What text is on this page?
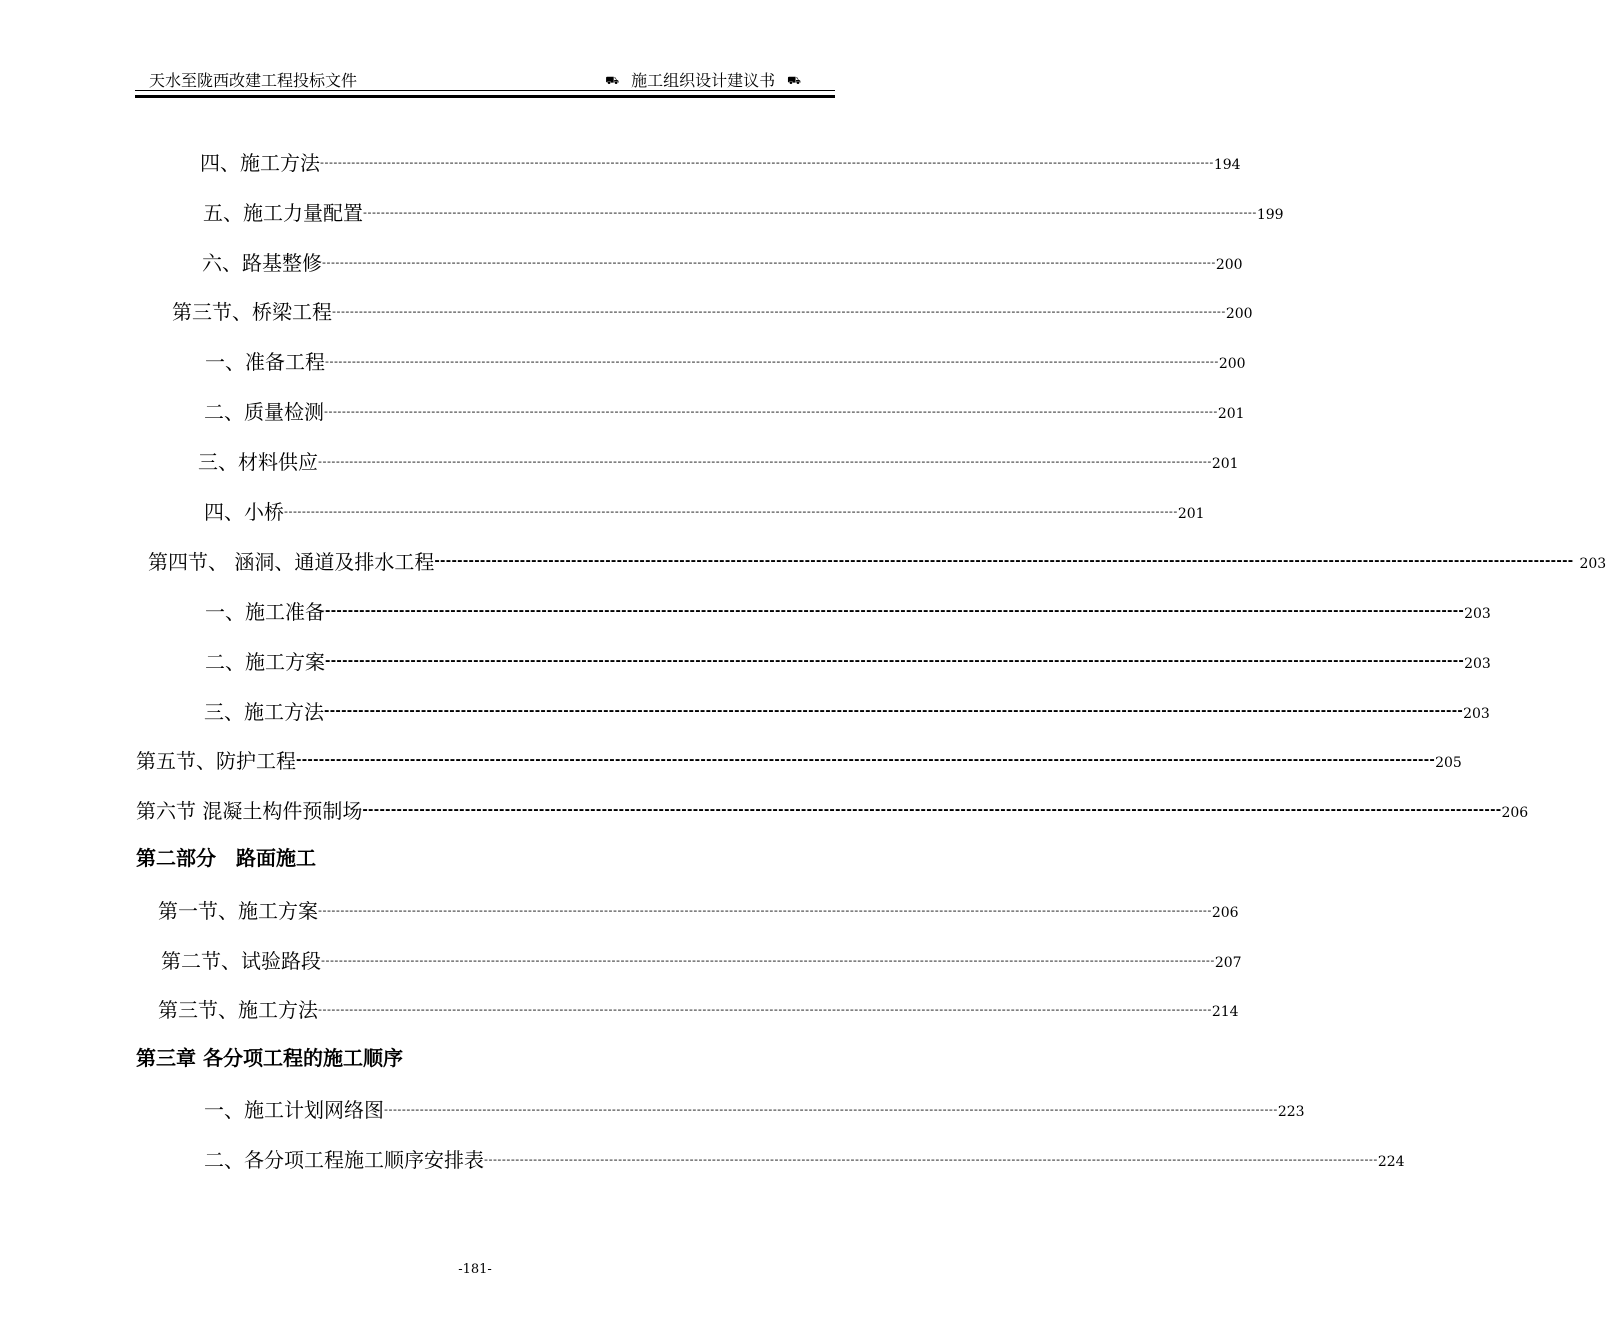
天水至陇西改建工程投标文件	⛟ 施工组织设计建议书 ⛟
四、施工方法 -------------------------------------------------------------------------------------------------------------------------------------------------------------------------------------------------------- 194
五、施工力量配置 -------------------------------------------------------------------------------------------------------------------------------------------------------------------------------------------------------- 199
六、路基整修 -------------------------------------------------------------------------------------------------------------------------------------------------------------------------------------------------------- 200
第三节、桥梁工程 -------------------------------------------------------------------------------------------------------------------------------------------------------------------------------------------------------- 200
一、准备工程 -------------------------------------------------------------------------------------------------------------------------------------------------------------------------------------------------------- 200
二、质量检测 -------------------------------------------------------------------------------------------------------------------------------------------------------------------------------------------------------- 201
三、材料供应 -------------------------------------------------------------------------------------------------------------------------------------------------------------------------------------------------------- 201
四、小桥 -------------------------------------------------------------------------------------------------------------------------------------------------------------------------------------------------------- 201
第四节、 涵洞、通道及排水工程 -------------------------------------------------------------------------------------------------------------------------------------------------------------------------------------------------------- 203
一、施工准备 -------------------------------------------------------------------------------------------------------------------------------------------------------------------------------------------------------- 203
二、施工方案 -------------------------------------------------------------------------------------------------------------------------------------------------------------------------------------------------------- 203
三、施工方法 -------------------------------------------------------------------------------------------------------------------------------------------------------------------------------------------------------- 203
第五节、防护工程 -------------------------------------------------------------------------------------------------------------------------------------------------------------------------------------------------------- 205
第六节 混凝土构件预制场 -------------------------------------------------------------------------------------------------------------------------------------------------------------------------------------------------------- 206
第二部分　路面施工
第一节、施工方案 -------------------------------------------------------------------------------------------------------------------------------------------------------------------------------------------------------- 206
第二节、试验路段 -------------------------------------------------------------------------------------------------------------------------------------------------------------------------------------------------------- 207
第三节、施工方法 -------------------------------------------------------------------------------------------------------------------------------------------------------------------------------------------------------- 214
第三章 各分项工程的施工顺序
一、施工计划网络图 -------------------------------------------------------------------------------------------------------------------------------------------------------------------------------------------------------- 223
二、各分项工程施工顺序安排表 -------------------------------------------------------------------------------------------------------------------------------------------------------------------------------------------------------- 224
-181-
